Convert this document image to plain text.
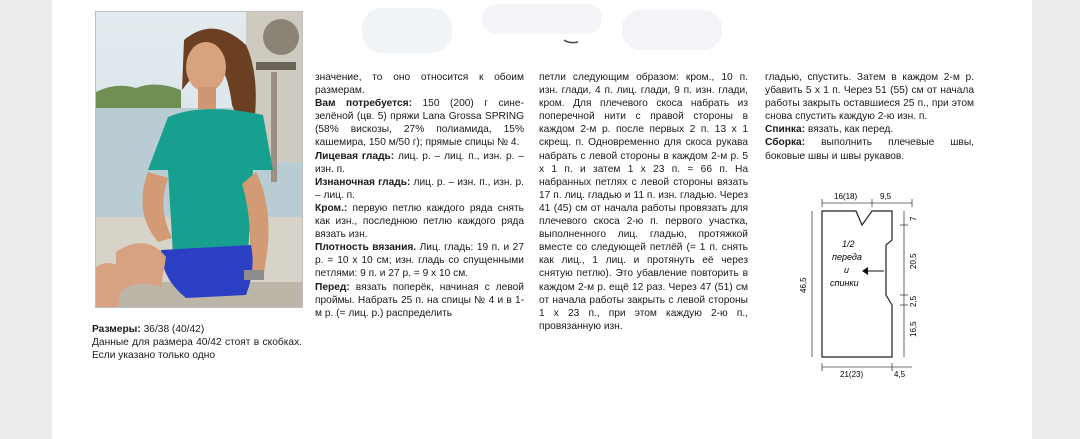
Размеры: 36/38 (40/42)

Данные для размера 40/42 стоят в скобках. Если указано только одно

значение, то оно относится к обоим размерам.

Вам потребуется: 150 (200) г сине-зелёной (цв. 5) пряжи Lana Grossa SPRING (58% вискозы, 27% полиамида, 15% кашемира, 150 м/50 г); прямые спицы № 4.

Лицевая гладь: лиц. р. – лиц. п., изн. р. – изн. п.

Изнаночная гладь: лиц. р. – изн. п., изн. р. – лиц. п.

Кром.: первую петлю каждого ряда снять как изн., последнюю петлю каждого ряда вязать изн.

Плотность вязания. Лиц. гладь: 19 п. и 27 р. = 10 х 10 см; изн. гладь со спущенными петлями: 9 п. и 27 р. = 9 х 10 см.

Перед: вязать поперёк, начиная с левой проймы. Набрать 25 п. на спицы № 4 и в 1-м р. (= лиц. р.) распределить

петли следующим образом: кром., 10 п. изн. глади, 4 п. лиц. глади, 9 п. изн. глади, кром. Для плечевого скоса набрать из поперечной нити с правой стороны в каждом 2-м р. после первых 2 п. 13 х 1 скрещ. п. Одновременно для скоса рукава набрать с левой стороны в каждом 2-м р. 5 х 1 п. и затем 1 х 23 п. = 66 п. На набранных петлях с левой стороны вязать 17 п. лиц. гладью и 11 п. изн. гладью. Через 41 (45) см от начала работы провязать для плечевого скоса 2-ю п. первого участка, выполненного лиц. гладью, протяжкой вместе со следующей петлёй (= 1 п. снять как лиц., 1 лиц. и протянуть её через снятую петлю). Это убавление повторить в каждом 2-м р. ещё 12 раз. Через 47 (51) см от начала работы закрыть с левой стороны 1 х 23 п., при этом каждую 2-ю п., провязанную изн.

гладью, спустить. Затем в каждом 2-м р. убавить 5 х 1 п. Через 51 (55) см от начала работы закрыть оставшиеся 25 п., при этом снова спустить каждую 2-ю изн. п.

Спинка: вязать, как перед.

Сборка: выполнить плечевые швы, боковые швы и швы рукавов.

16(18)	9,5
46,5
7
20,5
2,5
16,5
1/2
переда
и
спинки
21(23)	4,5
